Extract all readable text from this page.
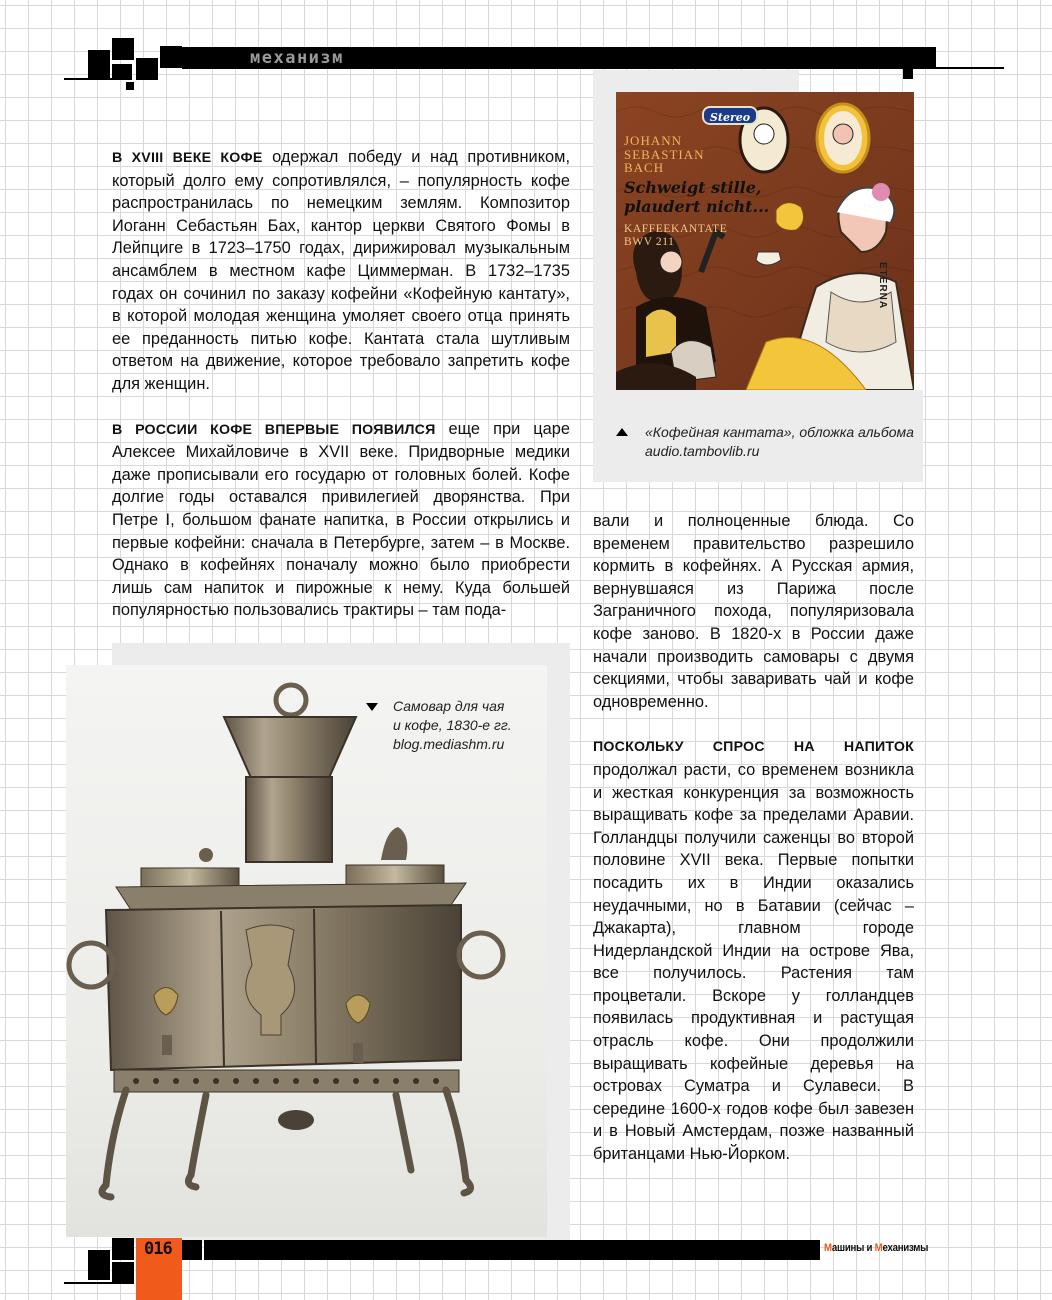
механизм
Stereo
JOHANN
SEBASTIAN
BACH
Schweigt stille,
plaudert nicht...
KAFFEEKANTATE
BWV 211
ETERNA
«Кофейная кантата», обложка альбома
audio.tambovlib.ru

В XVIII ВЕКЕ КОФЕ одержал победу и над противником, который долго ему сопротивлялся, – популярность кофе распространилась по немецким землям. Композитор Иоганн Себастьян Бах, кантор церкви Святого Фомы в Лейпциге в 1723–1750 годах, дирижировал музыкальным ансамблем в местном кафе Циммерман. В 1732–1735 годах он сочинил по заказу кофейни «Кофейную кантату», в которой молодая женщина умоляет своего отца принять ее преданность питью кофе. Кантата стала шутливым ответом на движение, которое требовало запретить кофе для женщин.

В РОССИИ КОФЕ ВПЕРВЫЕ ПОЯВИЛСЯ еще при царе Алексее Михайловиче в XVII веке. Придворные медики даже прописывали его государю от головных болей. Кофе долгие годы оставался привилегией дворянства. При Петре I, большом фанате напитка, в России открылись и первые кофейни: сначала в Петербурге, затем – в Москве. Однако в кофейнях поначалу можно было приобрести лишь сам напиток и пирожные к нему. Куда большей популярностью пользовались трактиры – там пода-

вали и полноценные блюда. Со временем правительство разрешило кормить в кофейнях. А Русская армия, вернувшаяся из Парижа после Заграничного похода, популяризовала кофе заново. В 1820-х в России даже начали производить самовары с двумя секциями, чтобы заваривать чай и кофе одновременно.

ПОСКОЛЬКУ СПРОС НА НАПИТОК продолжал расти, со временем возникла и жесткая конкуренция за возможность выращивать кофе за пределами Аравии. Голландцы получили саженцы во второй половине XVII века. Первые попытки посадить их в Индии оказались неудачными, но в Батавии (сейчас – Джакарта), главном городе Нидерландской Индии на острове Ява, все получилось. Растения там процветали. Вскоре у голландцев появилась продуктивная и растущая отрасль кофе. Они продолжили выращивать кофейные деревья на островах Суматра и Сулавеси. В середине 1600-х годов кофе был завезен и в Новый Амстердам, позже названный британцами Нью-Йорком.

Самовар для чая
и кофе, 1830-е гг.
blog.mediashm.ru
016	Машины и Механизмы
